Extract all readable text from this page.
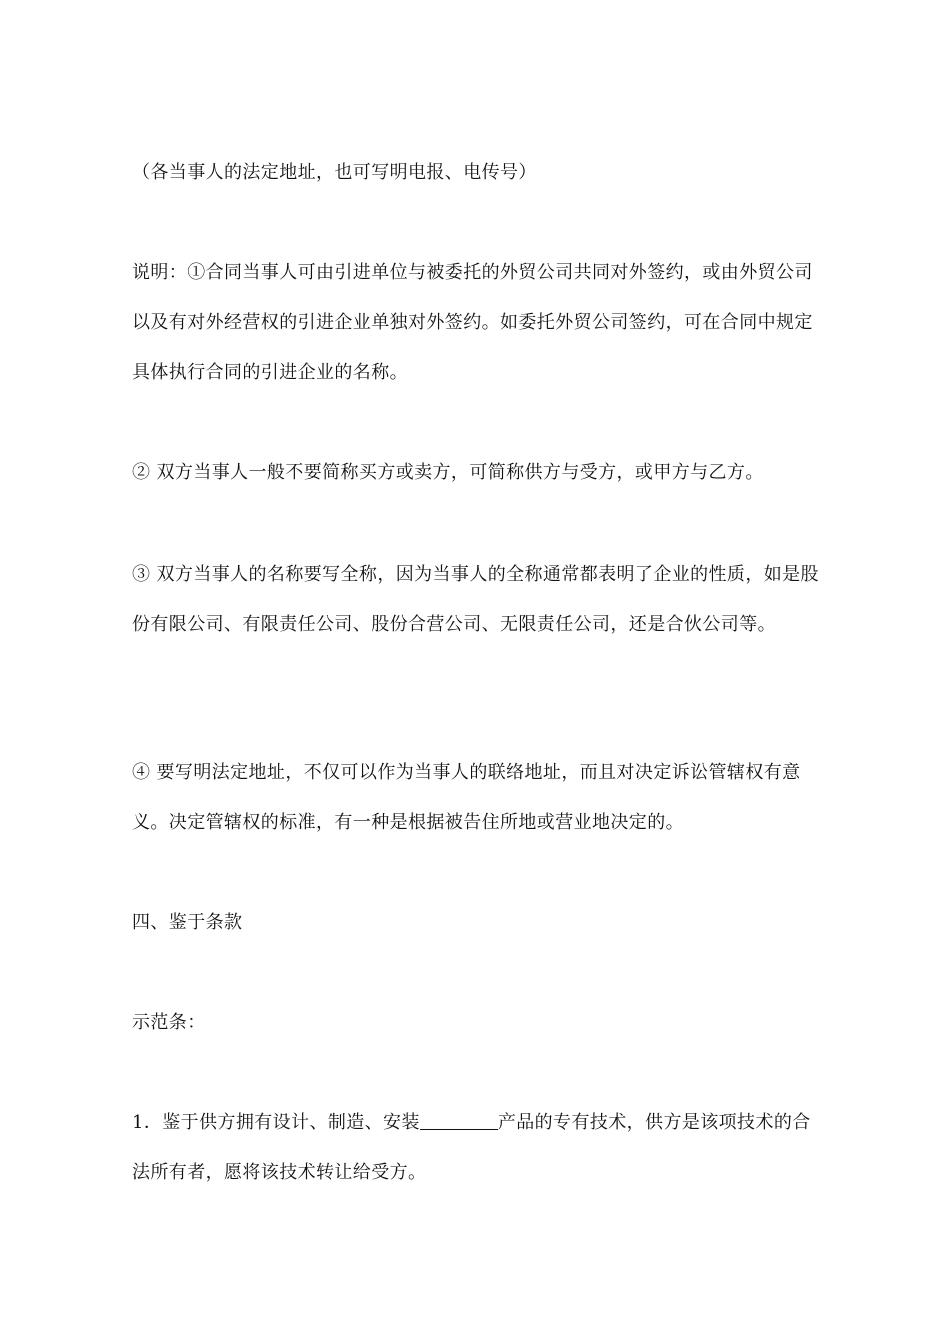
（各当事人的法定地址，也可写明电报、电传号）

说明：①合同当事人可由引进单位与被委托的外贸公司共同对外签约，或由外贸公司以及有对外经营权的引进企业单独对外签约。如委托外贸公司签约，可在合同中规定具体执行合同的引进企业的名称。

② 双方当事人一般不要简称买方或卖方，可简称供方与受方，或甲方与乙方。

③ 双方当事人的名称要写全称，因为当事人的全称通常都表明了企业的性质，如是股份有限公司、有限责任公司、股份合营公司、无限责任公司，还是合伙公司等。

④ 要写明法定地址，不仅可以作为当事人的联络地址，而且对决定诉讼管辖权有意义。决定管辖权的标准，有一种是根据被告住所地或营业地决定的。

四、鉴于条款

示范条：

1．鉴于供方拥有设计、制造、安装	产品的专有技术，供方是该项技术的合法所有者，愿将该技术转让给受方。
